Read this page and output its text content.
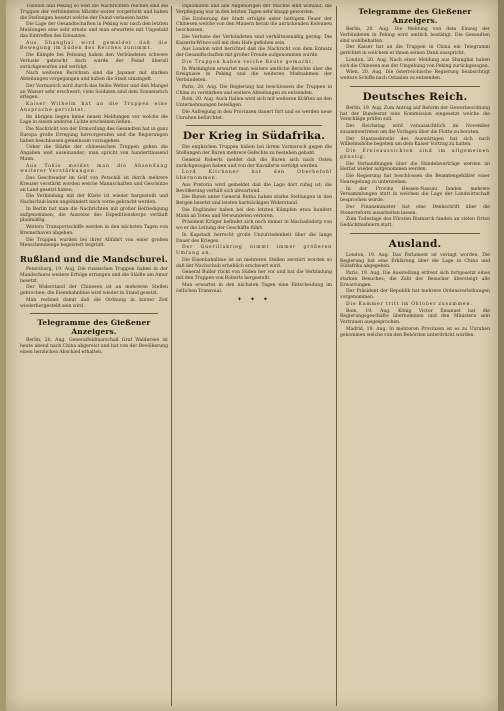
Tientsin und Peking so weit die Nachrichten reichen sind die Truppen der verbündeten Mächte weiter vorgerückt und haben die Stellungen besetzt welche der Feind verlassen hatte.

Die Lage der Gesandtschaften in Peking war nach den letzten Meldungen eine sehr ernste und man erwartete mit Ungeduld das Eintreffen des Entsatzes.

Aus Shanghai wird gemeldet daß die Bewegung im Süden des Reiches zunimmt.

Die Kämpfe bei Peitsang haben den Verbündeten schwere Verluste gebracht doch wurde der Feind überall zurückgeworfen und verfolgt.

Nach weiteren Berichten sind die Japaner mit starken Abteilungen vorgegangen und haben die Stadt umzingelt.

Der Vormarsch wird durch das heiße Wetter und den Mangel an Wasser sehr erschwert; viele Soldaten sind dem Sonnenstich erlegen.

Kaiser Wilhelm hat an die Truppen eine Ansprache gerichtet.

Im übrigen liegen keine neuen Meldungen vor welche die Lage in einem anderen Lichte erscheinen ließen.

Die Nachricht von der Ermordung des Gesandten hat in ganz Europa große Erregung hervorgerufen und die Regierungen haben beschlossen gemeinsam vorzugehen.

Ueber die Stärke der chinesischen Truppen gehen die Angaben weit auseinander; man spricht von hunderttausend Mann.

Aus Tokio meldet man die Absendung weiterer Verstärkungen.

Das Geschwader im Golf von Petschili ist durch mehrere Kreuzer verstärkt worden welche Mannschaften und Geschütze an Land gesetzt haben.

Die Verbindung mit der Küste ist wieder hergestellt und Nachschub kann ungehindert nach vorne gebracht werden.

In Berlin hat man die Nachrichten mit großer Befriedigung aufgenommen; die Ausreise des Expeditionskorps verläuft planmäßig.

Weitere Transportschiffe werden in den nächsten Tagen von Bremerhaven abgehen.

Die Truppen wurden bei ihrer Abfahrt von einer großen Menschenmenge begeistert begrüßt.

Rußland und die Mandschurei.

Petersburg, 19. Aug. Die russischen Truppen haben in der Mandschurei weitere Erfolge errungen und die Städte am Amur besetzt.

Der Widerstand der Chinesen ist an mehreren Stellen gebrochen; die Eisenbahnlinie wird wieder in Stand gesetzt.

Man rechnet damit daß die Ordnung in kurzer Zeit wiederhergestellt sein wird.

Telegramme des Gießener Anzeigers.

Berlin, 20. Aug. Generalfeldmarschall Graf Waldersee ist heute abend nach China abgereist und hat von der Bevölkerung einen herzlichen Abschied erhalten.

Diplomaten und alle Angehörigen der Mächte sind wohlauf; die Verpflegung war in den letzten Tagen sehr knapp geworden.

Die Eroberung der Stadt erfolgte unter heftigem Feuer der Chinesen welche von den Mauern herab die anrückenden Kolonnen beschossen.

Die Verluste der Verbündeten sind verhältnismäßig gering. Die Kaiserin-Witwe soll mit dem Hofe geflohen sein.

Aus London wird berichtet daß die Nachricht von dem Entsatz der Gesandtschaften mit großer Freude aufgenommen wurde.

Die Truppen haben reiche Beute gemacht.

In Washington erwartet man weitere amtliche Berichte über die Ereignisse in Peking und die weiteren Maßnahmen der Verbündeten.

Paris, 20. Aug. Die Regierung hat beschlossen die Truppen in China zu verstärken und weitere Abteilungen zu entsenden.

Rom, 20. Aug. Auch Italien wird sich mit weiteren Kräften an den Unternehmungen beteiligen.

Die Aufregung in den Provinzen dauert fort und es werden neue Unruhen befürchtet.

Der Krieg in Südafrika.

Die englischen Truppen haben bei ihrem Vormarsch gegen die Stellungen der Buren mehrere Gefechte zu bestehen gehabt.

General Roberts meldet daß die Buren sich nach Osten zurückgezogen haben und von der Kavallerie verfolgt werden.

Lord Kitchener hat den Oberbefehl übernommen.

Aus Pretoria wird gemeldet daß die Lage dort ruhig ist; die Bevölkerung verhält sich abwartend.

Die Buren unter General Botha haben starke Stellungen in den Bergen besetzt und leisten hartnäckigen Widerstand.

Die Engländer haben bei den letzten Kämpfen etwa hundert Mann an Toten und Verwundeten verloren.

Präsident Krüger befindet sich noch immer in Machadodorp von wo er die Leitung der Geschäfte führt.

In Kapstadt herrscht große Unzufriedenheit über die lange Dauer des Krieges.

Der Guerillakrieg nimmt immer größeren Umfang an.

Die Eisenbahnlinie ist an mehreren Stellen zerstört worden so daß der Nachschub erheblich erschwert wird.

General Buller rückt von Süden her vor und hat die Verbindung mit den Truppen von Roberts hergestellt.

Man erwartet in den nächsten Tagen eine Entscheidung im östlichen Transvaal.

✦ ✦ ✦
Telegramme des Gießener Anzeigers.

Berlin, 20. Aug. Die Meldung von dem Einzug der Verbündeten in Peking wird amtlich bestätigt. Die Gesandten sind wohlbehalten.

Der Kaiser hat an die Truppen in China ein Telegramm gerichtet in welchem er ihnen seinen Dank ausspricht.

London, 20. Aug. Nach einer Meldung aus Shanghai haben sich die Chinesen aus der Umgebung von Peking zurückgezogen.

Wien, 20. Aug. Die österreichische Regierung beabsichtigt weitere Schiffe nach Ostasien zu entsenden.

Deutsches Reich.

Berlin, 19. Aug. Zum Antrag auf Reform der Gewerbeordnung hat der Bundesrat eine Kommission eingesetzt welche die Vorschläge prüfen soll.

Der Reichstag wird voraussichtlich im November zusammentreten um die Vorlagen über die Flotte zu beraten.

Der Staatssekretär des Auswärtigen hat sich nach Wilhelmshöhe begeben um dem Kaiser Vortrag zu halten.

Die Ernteaussichten sind im allgemeinen günstig.

Die Verhandlungen über die Handelsverträge werden im Herbst wieder aufgenommen werden.

Die Regierung hat beschlossen die Beamtengehälter einer Neuregelung zu unterziehen.

In der Provinz Hessen-Nassau fanden mehrere Versammlungen statt in welchen die Lage der Landwirtschaft besprochen wurde.

Der Finanzminister hat eine Denkschrift über die Steuerreform ausarbeiten lassen.

Zum Todestage des Fürsten Bismarck fanden an vielen Orten Gedächtnisfeiern statt.

Ausland.

London, 19. Aug. Das Parlament ist vertagt worden. Die Regierung hat eine Erklärung über die Lage in China und Südafrika abgegeben.

Paris, 19. Aug. Die Ausstellung erfreut sich fortgesetzt eines starken Besuches; die Zahl der Besucher übersteigt alle Erwartungen.

Der Präsident der Republik hat mehrere Ordensverleihungen vorgenommen.

Die Kammer tritt im Oktober zusammen.

Rom, 19. Aug. König Victor Emanuel hat die Regierungsgeschäfte übernommen und den Ministern sein Vertrauen ausgesprochen.

Madrid, 19. Aug. In mehreren Provinzen ist es zu Unruhen gekommen welche von den Behörden unterdrückt wurden.
